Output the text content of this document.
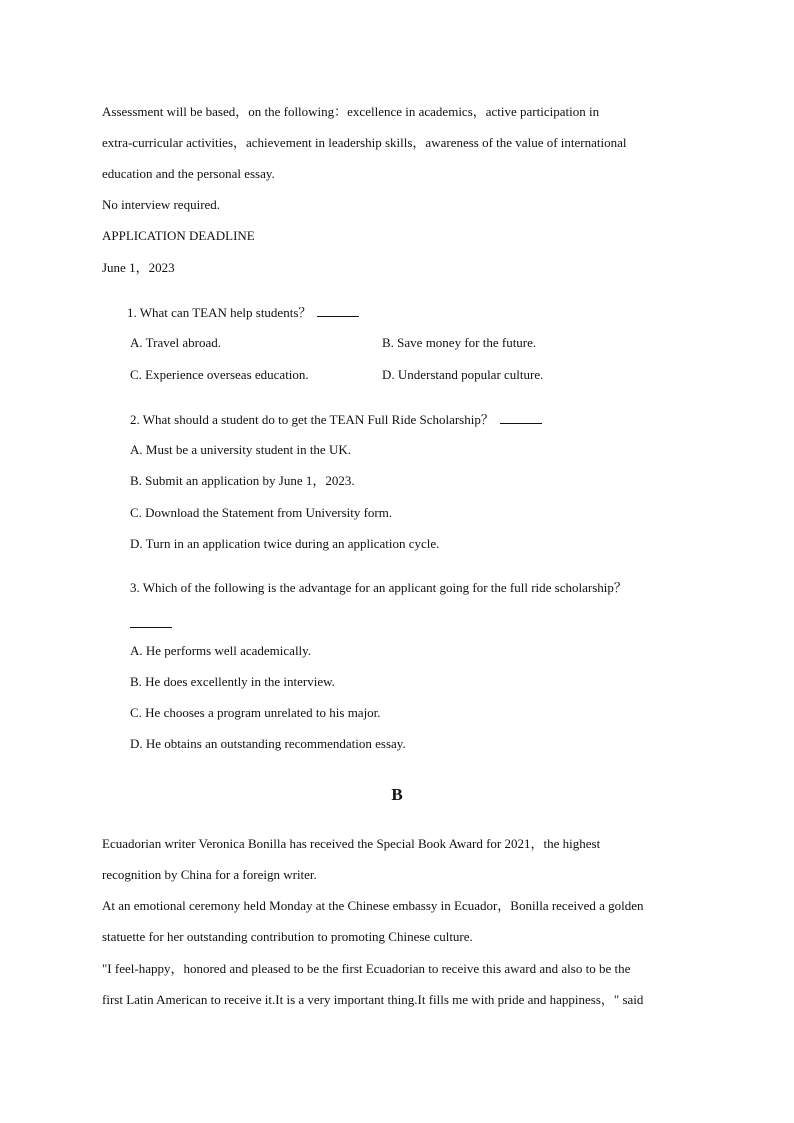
Assessment will be based，on the following：excellence in academics，active participation in
extra-curricular activities，achievement in leadership skills，awareness of the value of international
education and the personal essay.
No interview required.
APPLICATION DEADLINE
June 1，2023
1. What can TEAN help students？
A. Travel abroad.	B. Save money for the future.
C. Experience overseas education.	D. Understand popular culture.
2. What should a student do to get the TEAN Full Ride Scholarship？
A. Must be a university student in the UK.
B. Submit an application by June 1，2023.
C. Download the Statement from University form.
D. Turn in an application twice during an application cycle.
3. Which of the following is the advantage for an applicant going for the full ride scholarship？
A. He performs well academically.
B. He does excellently in the interview.
C. He chooses a program unrelated to his major.
D. He obtains an outstanding recommendation essay.
B
Ecuadorian writer Veronica Bonilla has received the Special Book Award for 2021，the highest
recognition by China for a foreign writer.
At an emotional ceremony held Monday at the Chinese embassy in Ecuador，Bonilla received a golden
statuette for her outstanding contribution to promoting Chinese culture.
"I feel-happy，honored and pleased to be the first Ecuadorian to receive this award and also to be the
first Latin American to receive it.It is a very important thing.It fills me with pride and happiness，" said
